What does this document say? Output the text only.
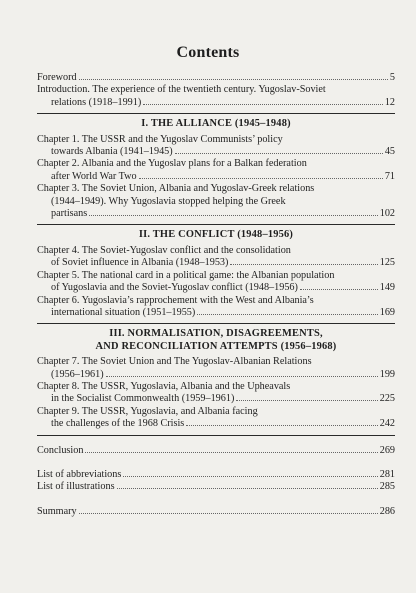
Contents
Foreword	5
Introduction. The experience of the twentieth century. Yugoslav-Soviet
relations (1918–1991)	12
I. THE ALLIANCE (1945–1948)
Chapter 1. The USSR and the Yugoslav Communists’ policy
towards Albania (1941–1945)	45
Chapter 2. Albania and the Yugoslav plans for a Balkan federation
after World War Two	71
Chapter 3. The Soviet Union, Albania and Yugoslav-Greek relations
(1944–1949). Why Yugoslavia stopped helping the Greek
partisans	102
II. THE CONFLICT (1948–1956)
Chapter 4. The Soviet-Yugoslav conflict and the consolidation
of Soviet influence in Albania (1948–1953)	125
Chapter 5. The national card in a political game: the Albanian population
of Yugoslavia and the Soviet-Yugoslav conflict (1948–1956)	149
Chapter 6. Yugoslavia’s rapprochement with the West and Albania’s
international situation (1951–1955)	169
III. NORMALISATION, DISAGREEMENTS,
AND RECONCILIATION ATTEMPTS (1956–1968)
Chapter 7. The Soviet Union and The Yugoslav-Albanian Relations
(1956–1961)	199
Chapter 8. The USSR, Yugoslavia, Albania and the Upheavals
in the Socialist Commonwealth (1959–1961)	225
Chapter 9. The USSR, Yugoslavia, and Albania facing
the challenges of the 1968 Crisis	242
Conclusion	269
List of abbreviations	281
List of illustrations	285
Summary	286
